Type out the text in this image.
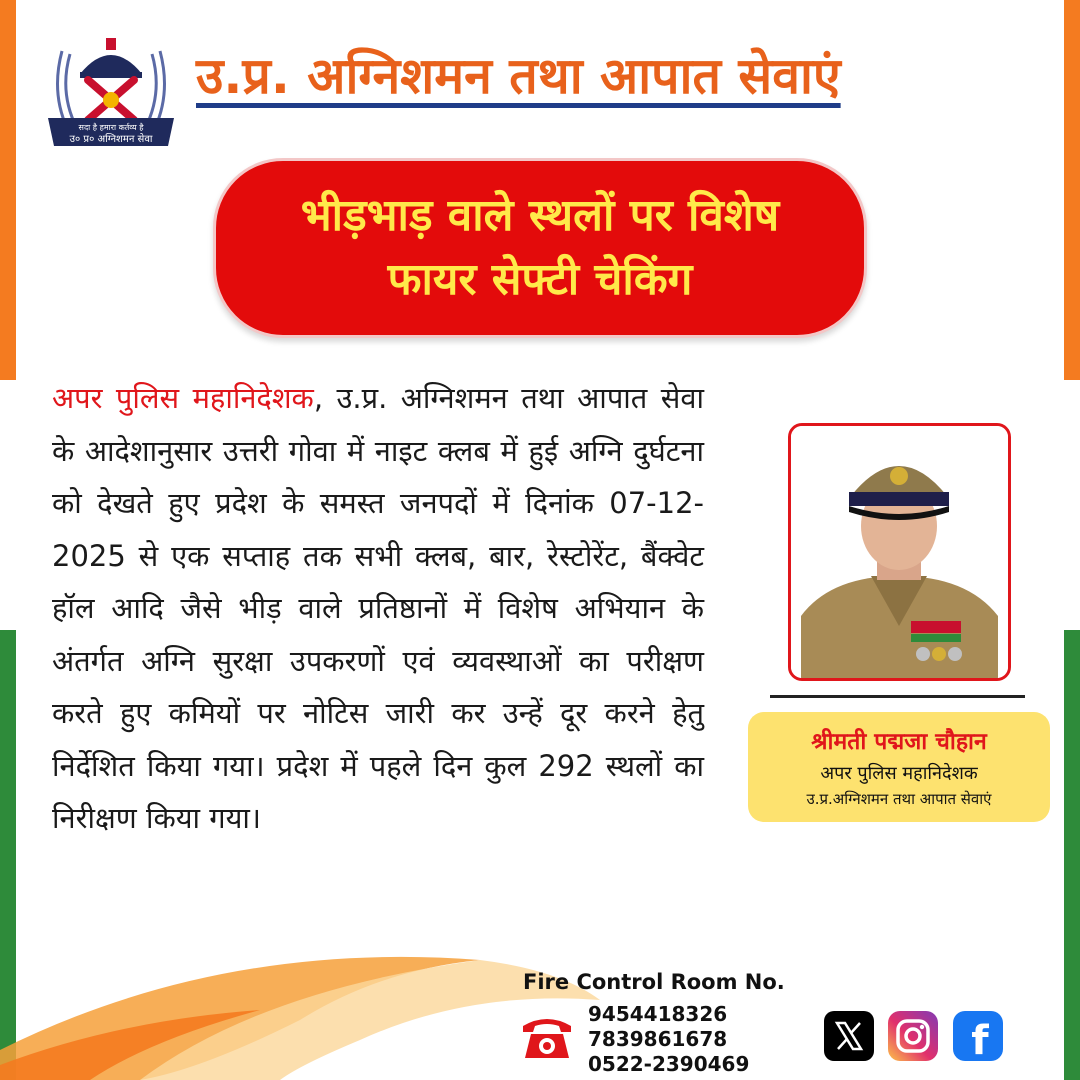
सदा है हमारा कर्तव्य है
उ० प्र० अग्निशमन सेवा
उ.प्र. अग्निशमन तथा आपात सेवाएं
भीड़भाड़ वाले स्थलों पर विशेष
फायर सेफ्टी चेकिंग
अपर पुलिस महानिदेशक, उ.प्र. अग्निशमन तथा आपात सेवा के आदेशानुसार उत्तरी गोवा में नाइट क्लब में हुई अग्नि दुर्घटना को देखते हुए प्रदेश के समस्त जनपदों में दिनांक 07-12-2025 से एक सप्ताह तक सभी क्लब, बार, रेस्टोरेंट, बैंक्वेट हॉल आदि जैसे भीड़ वाले प्रतिष्ठानों में विशेष अभियान के अंतर्गत अग्नि सुरक्षा उपकरणों एवं व्यवस्थाओं का परीक्षण करते हुए कमियों पर नोटिस जारी कर उन्हें दूर करने हेतु निर्देशित किया गया। प्रदेश में पहले दिन कुल 292 स्थलों का निरीक्षण किया गया।
श्रीमती पद्मजा चौहान
अपर पुलिस महानिदेशक
उ.प्र.अग्निशमन तथा आपात सेवाएं
Fire Control Room No.
9454418326
7839861678
0522-2390469	f
